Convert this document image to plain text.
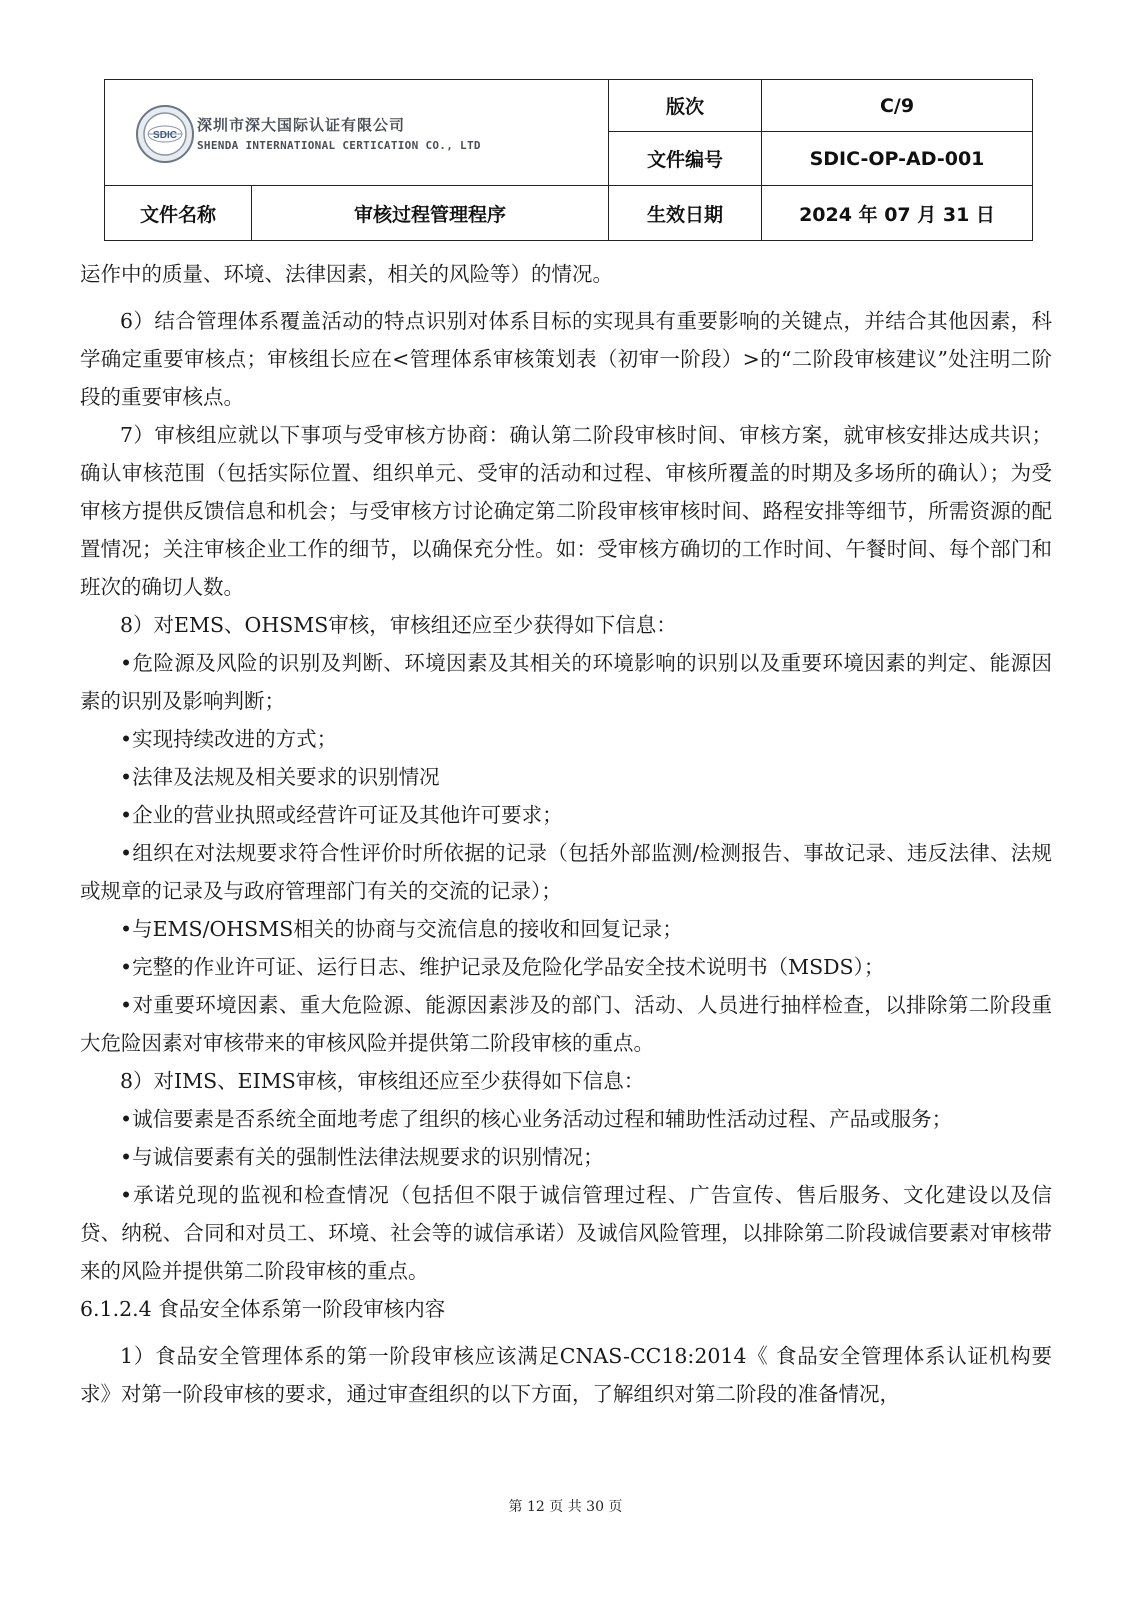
SDIC
深圳市深大国际认证有限公司
SHENDA INTERNATIONAL CERTICATION CO., LTD		版次	C/9
		文件编号	SDIC-OP-AD-001
文件名称	审核过程管理程序	生效日期	2024 年 07 月 31 日

运作中的质量、环境、法律因素，相关的风险等）的情况。

6）结合管理体系覆盖活动的特点识别对体系目标的实现具有重要影响的关键点，并结合其他因素，科学确定重要审核点；审核组长应在<管理体系审核策划表（初审一阶段）>的“二阶段审核建议”处注明二阶段的重要审核点。

7）审核组应就以下事项与受审核方协商：确认第二阶段审核时间、审核方案，就审核安排达成共识；确认审核范围（包括实际位置、组织单元、受审的活动和过程、审核所覆盖的时期及多场所的确认）；为受审核方提供反馈信息和机会；与受审核方讨论确定第二阶段审核审核时间、路程安排等细节，所需资源的配置情况；关注审核企业工作的细节，以确保充分性。如：受审核方确切的工作时间、午餐时间、每个部门和班次的确切人数。

8）对EMS、OHSMS审核，审核组还应至少获得如下信息：

•危险源及风险的识别及判断、环境因素及其相关的环境影响的识别以及重要环境因素的判定、能源因素的识别及影响判断；

•实现持续改进的方式；

•法律及法规及相关要求的识别情况

•企业的营业执照或经营许可证及其他许可要求；

•组织在对法规要求符合性评价时所依据的记录（包括外部监测/检测报告、事故记录、违反法律、法规或规章的记录及与政府管理部门有关的交流的记录）；

•与EMS/OHSMS相关的协商与交流信息的接收和回复记录；

•完整的作业许可证、运行日志、维护记录及危险化学品安全技术说明书（MSDS）；

•对重要环境因素、重大危险源、能源因素涉及的部门、活动、人员进行抽样检查，以排除第二阶段重大危险因素对审核带来的审核风险并提供第二阶段审核的重点。

8）对IMS、EIMS审核，审核组还应至少获得如下信息：

•诚信要素是否系统全面地考虑了组织的核心业务活动过程和辅助性活动过程、产品或服务；

•与诚信要素有关的强制性法律法规要求的识别情况；

•承诺兑现的监视和检查情况（包括但不限于诚信管理过程、广告宣传、售后服务、文化建设以及信贷、纳税、合同和对员工、环境、社会等的诚信承诺）及诚信风险管理，以排除第二阶段诚信要素对审核带来的风险并提供第二阶段审核的重点。

6.1.2.4 食品安全体系第一阶段审核内容

1）食品安全管理体系的第一阶段审核应该满足CNAS-CC18:2014《 食品安全管理体系认证机构要求》对第一阶段审核的要求，通过审查组织的以下方面，了解组织对第二阶段的准备情况，

第 12 页 共 30 页
